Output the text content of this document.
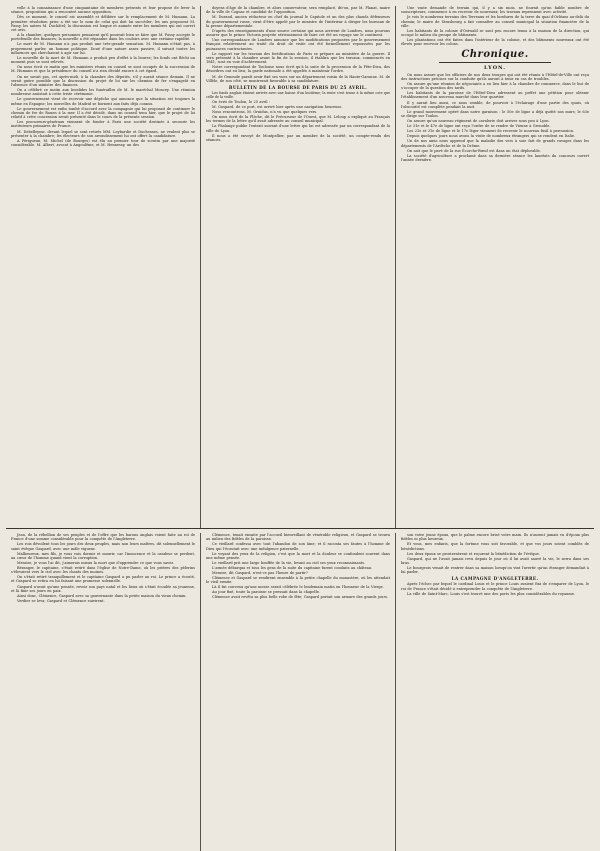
velle à la connaissance d'une cinquantaine de membres présents et leur propose de lever la séance, proposition qui a rencontré aucune opposition.

Dès ce moment, le conseil est assemblé et délibère sur le remplacement de M. Humann. La première résolution prise a été sur le nom de celui qui doit lui succéder; les uns proposent M. Passy, les autres M. Duchâtel; la discussion est longue et animée entre les membres qui ont ouvert cet avis.

A la chambre, quelques personnes pensaient qu'il pourrait bien se faire que M. Passy accepte le portefeuille des finances; la nouvelle a été répandue dans les couloirs avec une certaine rapidité.

Le mort de M. Humann n'a pas produit une très-grande sensation. M. Humann n'était pas, à proprement parler, un homme politique. Doué d'une nature assez passive, il suivait toutes les influences qui cherchaient à agir sur lui.

Le nouvelle de la mort de M. Humann a produit peu d'effet à la bourse; les fonds ont fléchi un moment puis se sont relevés.

On nous écrit ce matin que les ministres réunis en conseil se sont occupés de la succession de M. Humann et que la présidence du conseil n'a rien décidé encore à cet égard.

On ne savait pas, cet après-midi, à la chambre des députés, s'il y aurait séance demain. Il ne serait guère possible que la discussion du projet de loi sur les chemins de fer s'engageât en l'absence d'un ministre des finances.

On a célébré ce matin aux Invalides les funérailles de M. le maréchal Moncey. Une réunion nombreuse assistait à cette triste cérémonie.

Le gouvernement vient de recevoir une dépêche qui annonce que la situation est toujours la même en Espagne; les nouvelles de Madrid se bornent aux faits déjà connus.

Le gouvernement est enfin tombé d'accord avec la compagnie qui lui proposait de continuer le chemin de fer de Rouen à la mer. Il a été décidé, dans un conseil tenu hier, que le projet de loi relatif à cette concession serait présenté dans le cours de la présente session.

Les procureurs-généraux viennent de fonder à Paris une société destinée à secourir les instituteurs primaires de France.

M. Debelleyme, devant lequel se sont retirés MM. Leybardie et Duchesnes, ne veulent plus se présenter à la chambre; les électeurs de son arrondissement lui ont offert la candidature.

A Férigueux, M. Michel (de Bourges) est élu au premier tour de scrutin par une majorité considérable. M. Albert, avocat à Angoulême, et M. Hennessy, un des

doyens d'âge de la chambre, et alors conservateur, sera remplacé, dit-on, par M. Planat, maire de la ville de Cognac et candidat de l'opposition.

M. Durand, ancien rédacteur en chef du journal le Capitole et un des plus chauds défenseurs du gouvernement russe, vient d'être appelé par le ministre de l'intérieur à diriger les bureaux de la presse départementale.

D'après des renseignements d'une source certaine qui nous arrivent de Londres, nous pouvons assurer que le prince Victoria projette sérieusement de faire cet été un voyage sur le continent.

Une correspondance de Londres annonce que les modifications proposées par le gouvernement français relativement au traité du droit de visite ont été formellement repoussées par les puissances contractantes.

Le rapport sur les travaux des fortifications de Paris se prépare au ministère de la guerre. Il sera présenté à la chambre avant la fin de la session; il établira que les travaux, commencés en 1841, sont en voie d'achèvement.

Notre correspondant de Toulouse nous écrit qu'à la suite de la procession de la Fête-Dieu, des désordres ont eu lieu; la garde nationale a été appelée à maintenir l'ordre.

M. de Genoude paraît avoir fixé ses vues sur un département voisin de la Haute-Garonne. M. de Villèle, de son côté, se montrerait favorable à sa candidature.

BULLETIN DE LA BOURSE DE PARIS DU 25 AVRIL.

Les fonds anglais étaient arrivés avec une baisse d'un huitième; la rente s'est tenue à la même cote que celle de la veille.

On écrit de Toulon, le 25 avril :

M. Gaspard, de ce port, est arrivé hier après une navigation heureuse.

Nous rencontrons, M. Ornidus, n'a vu que quelques vers.

On nous écrit de la Flèche, dit le Précurseur de l'Ouest, que M. Leloup a expliqué au Français les termes de la lettre qu'il avait adressée au conseil municipal.

La Phalange publie l'extrait suivant d'une lettre qui lui est adressée par un correspondant de la ville de Lyon.

Il nous a été envoyé de Montpellier, par un membre de la société, un compte-rendu des séances.

Une vaste demande de terrain qui, il y a six mois, ne fournit qu'un faible nombre de souscripteurs, commence à en recevoir de nouveaux; les travaux reprennent avec activité.

Je vois le nombreux terrains des Terreaux et les bordures de la terre du quai d'Orléans au-delà du chemin; le maire de Strasbourg a fait connaître au conseil municipal la situation financière de la ville.

Les habitants de la colonie d'Ostwald se sont peu encore tenus à la maison de la direction, qui occupe le milieu du groupe de bâtiments.

Les plantations ont été faites dans l'intérieur de la colonie, et des bâtiments nouveaux ont été élevés pour recevoir les colons.

Chronique.
LYON.

On nous assure que les officiers de nos deux troupes qui ont été réunis à l'Hôtel-de-Ville ont reçu des instructions précises sur la conduite qu'ils auront à tenir en cas de troubles.

On assure qu'une réunion de négociants a eu lieu hier à la chambre de commerce, dans le but de s'occuper de la question des tarifs.

Les habitants de la paroisse de l'Hôtel-Dieu adressent au préfet une pétition pour obtenir l'établissement d'un nouveau marché dans leur quartier.

Il y aurait lieu aussi, ce nous semble, de pourvoir à l'éclairage d'une partie des quais, où l'obscurité est complète pendant la nuit.

Le grand mouvement opéré dans notre garnison : le 50e de ligne a déjà quitté nos murs; le 63e se dirige sur Toulon.

On assure qu'un nouveau régiment de cavalerie doit arriver sous peu à Lyon.

Le 31e et le 47e de ligne ont reçu l'ordre de se rendre de Vienne à Grenoble.

Les 21e et 31e de ligne et le 17e léger viennent de recevoir le nouveau fusil à percussion.

Depuis quelques jours nous avons la visite de nombreux étrangers qui se rendent en Italie.

Un de nos amis nous apprend que la maladie des vers à soie fait de grands ravages dans les départements de l'Ardèche et de la Drôme.

On sait que le pavé de la rue Écorche-Bœuf est dans un état déplorable.

La société d'agriculture a proclamé dans sa dernière séance les lauréats du concours ouvert l'année dernière.

Jean, de la rébellion de ses peuples et de l'offre que les barons anglais voient faite au roi de France d'une somme considérable pour la conquête de l'Angleterre.

Les rois dévoilent tous les jours des deux peuples, mais non leurs maîtres, dit solennellement le saint évêque Gaspard, avec une mâle vigueur.

Malheureux, mes fils, je vous vois dormir et mourir, car l'innocence et la candeur se perdent, au cœur de l'homme quand vient la corruption.

Messire, je vous l'ai dit, j'aimerais mieux la mort que d'apprendre ce que vous savez.

Béranger, le capitaine, s'était retiré dans l'église de Notre-Dame, où les prières des pèlerins s'élevaient vers le ciel avec les chants des moines.

On s'était retiré tranquillement et le capitaine Gaspard a pu parler au roi. Le prince a écouté, et Gaspard se retira en lui faisant une promesse solennelle.

Gaspard n'avait qu'une pensée, revoir son pays natal et les lieux où s'était écoulée sa jeunesse, et là finir ses jours en paix.

Ainsi donc, Clémence, Gaspard avec sa gouvernante dans la petite maison du vieux chemin.

Verdier se leva; Gaspard et Clémence suivirent.

Clémence, tenait ensuite par l'accueil bienveillant de vénérable religieux, et Gaspard se trouva au milieu des fidèles de la paroisse.

Ce vieillard confessa avec tout l'abandon de son âme; et il raconta ses fautes à l'homme de Dieu qui l'écoutait avec une indulgence paternelle.

Le voyant des yeux de la religion, c'est que la mort et la douleur se confondent souvent dans une même pensée.

Le vieillard prit une large bouffée de la vie, levant au ciel ses yeux reconnaissants.

L'armée débarqua et tous les gens de la suite du capitaine furent conduits au château.

Messire, dit Gaspard, n'est-ce pas l'heure de partir?

Clémence et Gaspard se rendirent ensemble à la petite chapelle du monastère, où les attendait le vieil ermite.

Là il fut convenu qu'une messe serait célébrée le lendemain matin en l'honneur de la Vierge.

Au jour fixé, toute la paroisse se pressait dans la chapelle.

Clémence avait revêtu sa plus belle robe de fête; Gaspard portait son armure des grands jours.

son votre jeune époux, que le palme encore brisé votre main. Ils n'auront jamais vu d'époux plus fidèles ni plus heureux.

Et vous, mes enfants, que la fortune vous soit favorable, et que vos jours soient comblés de bénédictions.

Les deux époux se prosternèrent et reçurent la bénédiction de l'évêque.

Gaspard, qui ne l'avait jamais revu depuis le jour où il lui avait sauvé la vie, le serra dans ses bras.

Le bourgeois venait de rentrer dans sa maison lorsqu'on vint l'avertir qu'un étranger demandait à lui parler.

LA CAMPAGNE D'ANGLETERRE.

Après l'échec par lequel le cardinal Louis et le prince Louis avaient fini de s'emparer de Lyon, le roi de France s'était décidé à entreprendre la conquête de l'Angleterre.

La ville de Saint-Marc, Louis s'est trouvé une des ports les plus considérables du royaume.
